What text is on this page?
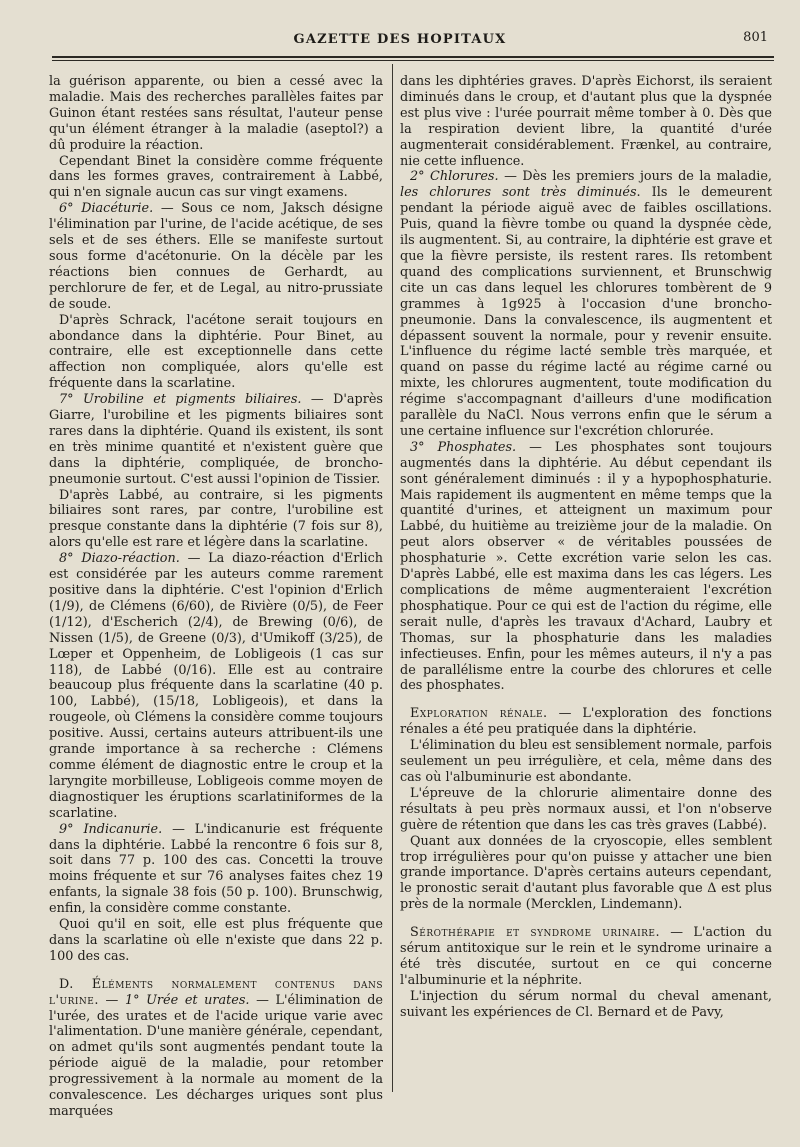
GAZETTE DES HOPITAUX	801

la guérison apparente, ou bien a cessé avec la maladie. Mais des recherches parallèles faites par Guinon étant restées sans résultat, l'auteur pense qu'un élément étranger à la maladie (aseptol?) a dû produire la réaction.

Cependant Binet la considère comme fréquente dans les formes graves, contrairement à Labbé, qui n'en signale aucun cas sur vingt examens.

6° Diacéturie. — Sous ce nom, Jaksch désigne l'élimination par l'urine, de l'acide acétique, de ses sels et de ses éthers. Elle se manifeste surtout sous forme d'acétonurie. On la décèle par les réactions bien connues de Gerhardt, au perchlorure de fer, et de Legal, au nitro-prussiate de soude.

D'après Schrack, l'acétone serait toujours en abondance dans la diphtérie. Pour Binet, au contraire, elle est exceptionnelle dans cette affection non compliquée, alors qu'elle est fréquente dans la scarlatine.

7° Urobiline et pigments biliaires. — D'après Giarre, l'urobiline et les pigments biliaires sont rares dans la diphtérie. Quand ils existent, ils sont en très minime quantité et n'existent guère que dans la diphtérie, compliquée, de broncho-pneumonie surtout. C'est aussi l'opinion de Tissier.

D'après Labbé, au contraire, si les pigments biliaires sont rares, par contre, l'urobiline est presque constante dans la diphtérie (7 fois sur 8), alors qu'elle est rare et légère dans la scarlatine.

8° Diazo-réaction. — La diazo-réaction d'Erlich est considérée par les auteurs comme rarement positive dans la diphtérie. C'est l'opinion d'Erlich (1/9), de Clémens (6/60), de Rivière (0/5), de Feer (1/12), d'Escherich (2/4), de Brewing (0/6), de Nissen (1/5), de Greene (0/3), d'Umikoff (3/25), de Lœper et Oppenheim, de Lobligeois (1 cas sur 118), de Labbé (0/16). Elle est au contraire beaucoup plus fréquente dans la scarlatine (40 p. 100, Labbé), (15/18, Lobligeois), et dans la rougeole, où Clémens la considère comme toujours positive. Aussi, certains auteurs attribuent-ils une grande importance à sa recherche : Clémens comme élément de diagnostic entre le croup et la laryngite morbilleuse, Lobligeois comme moyen de diagnostiquer les éruptions scarlatiniformes de la scarlatine.

9° Indicanurie. — L'indicanurie est fréquente dans la diphtérie. Labbé la rencontre 6 fois sur 8, soit dans 77 p. 100 des cas. Concetti la trouve moins fréquente et sur 76 analyses faites chez 19 enfants, la signale 38 fois (50 p. 100). Brunschwig, enfin, la considère comme constante.

Quoi qu'il en soit, elle est plus fréquente que dans la scarlatine où elle n'existe que dans 22 p. 100 des cas.

D. Éléments normalement contenus dans l'urine. — 1° Urée et urates. — L'élimination de l'urée, des urates et de l'acide urique varie avec l'alimentation. D'une manière générale, cependant, on admet qu'ils sont augmentés pendant toute la période aiguë de la maladie, pour retomber progressivement à la normale au moment de la convalescence. Les décharges uriques sont plus marquées

dans les diphtéries graves. D'après Eichorst, ils seraient diminués dans le croup, et d'autant plus que la dyspnée est plus vive : l'urée pourrait même tomber à 0. Dès que la respiration devient libre, la quantité d'urée augmenterait considérablement. Frænkel, au contraire, nie cette influence.

2° Chlorures. — Dès les premiers jours de la maladie, les chlorures sont très diminués. Ils le demeurent pendant la période aiguë avec de faibles oscillations. Puis, quand la fièvre tombe ou quand la dyspnée cède, ils augmentent. Si, au contraire, la diphtérie est grave et que la fièvre persiste, ils restent rares. Ils retombent quand des complications surviennent, et Brunschwig cite un cas dans lequel les chlorures tombèrent de 9 grammes à 1g925 à l'occasion d'une broncho-pneumonie. Dans la convalescence, ils augmentent et dépassent souvent la normale, pour y revenir ensuite. L'influence du régime lacté semble très marquée, et quand on passe du régime lacté au régime carné ou mixte, les chlorures augmentent, toute modification du régime s'accompagnant d'ailleurs d'une modification parallèle du NaCl. Nous verrons enfin que le sérum a une certaine influence sur l'excrétion chlorurée.

3° Phosphates. — Les phosphates sont toujours augmentés dans la diphtérie. Au début cependant ils sont généralement diminués : il y a hypophosphaturie. Mais rapidement ils augmentent en même temps que la quantité d'urines, et atteignent un maximum pour Labbé, du huitième au treizième jour de la maladie. On peut alors observer « de véritables poussées de phosphaturie ». Cette excrétion varie selon les cas. D'après Labbé, elle est maxima dans les cas légers. Les complications de même augmenteraient l'excrétion phosphatique. Pour ce qui est de l'action du régime, elle serait nulle, d'après les travaux d'Achard, Laubry et Thomas, sur la phosphaturie dans les maladies infectieuses. Enfin, pour les mêmes auteurs, il n'y a pas de parallélisme entre la courbe des chlorures et celle des phosphates.

Exploration rénale. — L'exploration des fonctions rénales a été peu pratiquée dans la diphtérie.

L'élimination du bleu est sensiblement normale, parfois seulement un peu irrégulière, et cela, même dans des cas où l'albuminurie est abondante.

L'épreuve de la chlorurie alimentaire donne des résultats à peu près normaux aussi, et l'on n'observe guère de rétention que dans les cas très graves (Labbé).

Quant aux données de la cryoscopie, elles semblent trop irrégulières pour qu'on puisse y attacher une bien grande importance. D'après certains auteurs cependant, le pronostic serait d'autant plus favorable que Δ est plus près de la normale (Mercklen, Lindemann).

Sérothérapie et syndrome urinaire. — L'action du sérum antitoxique sur le rein et le syndrome urinaire a été très discutée, surtout en ce qui concerne l'albuminurie et la néphrite.

L'injection du sérum normal du cheval amenant, suivant les expériences de Cl. Bernard et de Pavy,
